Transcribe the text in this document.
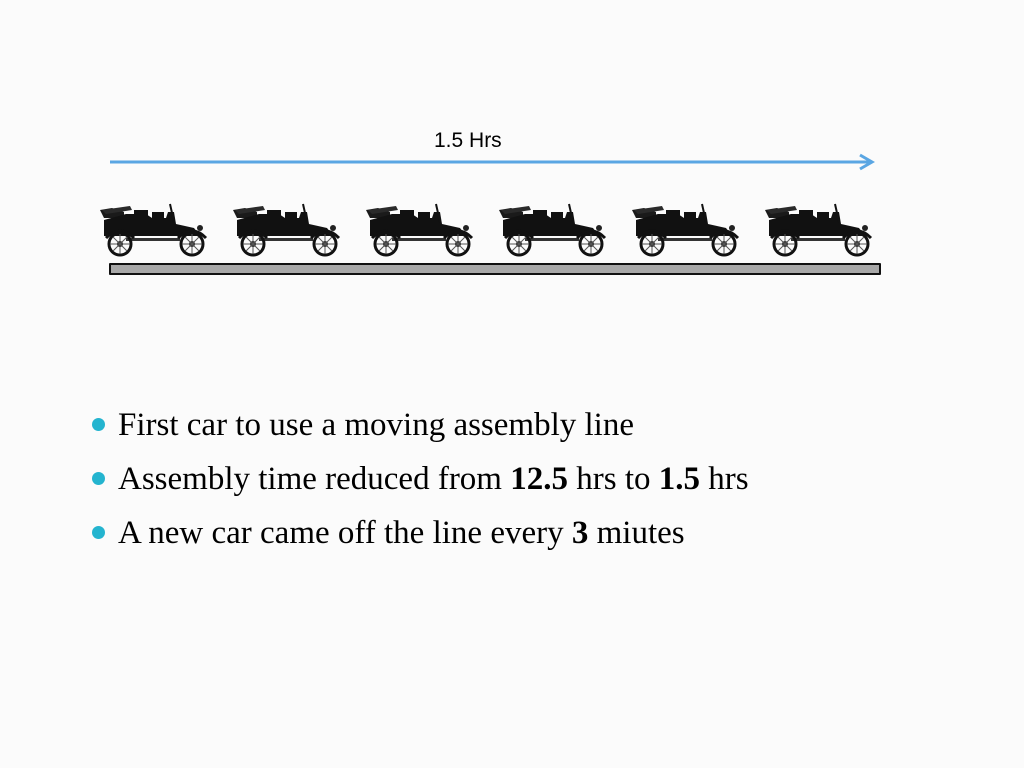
1.5 Hrs
First car to use a moving assembly line
Assembly time reduced from 12.5 hrs to 1.5 hrs
A new car came off the line every 3 miutes
